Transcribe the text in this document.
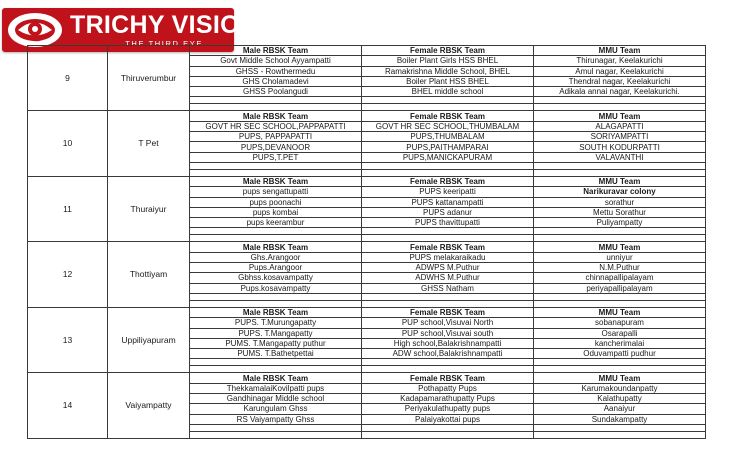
TRICHY VISION
THE THIRD EYE
9	Thiruverumbur	Male RBSK Team	Female RBSK Team	MMU Team
		Govt Middle School Ayyampatti	Boiler Plant Girls HSS BHEL	Thirunagar, Keelakurichi
		GHSS - Rowthermedu	Ramakrishna Middle School, BHEL	Amul nagar, Keelakurichi
		GHS Cholamadevi	Boiler Plant HSS BHEL	Thendral nagar, Keelakurichi
		GHSS Poolangudi	BHEL middle school	Adikala annai nagar, Keelakurichi.

10	T Pet	Male RBSK Team	Female RBSK Team	MMU Team
		GOVT HR SEC SCHOOL,PAPPAPATTI	GOVT HR SEC SCHOOL,THUMBALAM	ALAGAPATTI
		PUPS, PAPPAPATTI	PUPS,THUMBALAM	SORIYAMPATTI
		PUPS,DEVANOOR	PUPS,PAITHAMPARAI	SOUTH KODURPATTI
		PUPS,T.PET	PUPS,MANICKAPURAM	VALAVANTHI

11	Thuraiyur	Male RBSK Team	Female RBSK Team	MMU Team
		pups sengattupatti	PUPS keeripatti	Narikuravar colony
		pups poonachi	PUPS kattanampatti	sorathur
		pups kombai	PUPS adanur	Mettu Sorathur
		pups keerambur	PUPS thavittupatti	Puliyampatty

12	Thottiyam	Male RBSK Team	Female RBSK Team	MMU Team
		Ghs.Arangoor	PUPS melakaraikadu	unniyur
		Pups.Arangoor	ADWPS M.Puthur	N.M.Puthur
		Gbhss.kosavampatty	ADWHS M.Puthur	chinnapallipalayam
		Pups.kosavampatty	GHSS Natham	periyapallipalayam

13	Uppiliyapuram	Male RBSK Team	Female RBSK Team	MMU Team
		PUPS. T.Murungapatty	PUP school,Visuvai North	sobanapuram
		PUPS. T.Mangapatty	PUP school,Visuvai south	Osarapalli
		PUMS. T.Mangapatty puthur	High school,Balakrishnampatti	kancherimalai
		PUMS. T.Bathetpettai	ADW school,Balakrishnampatti	Oduvampatti pudhur

14	Vaiyampatty	Male RBSK Team	Female RBSK Team	MMU Team
		ThekkamalaiKovilpatti pups	Pothapatty Pups	Karumakoundanpatty
		Gandhinagar Middle school	Kadapamarathupatty Pups	Kalathupatty
		Karungulam Ghss	Periyakulathupatty pups	Aanaiyur
		RS Vaiyampatty Ghss	Palaiyakottai pups	Sundakampatty
